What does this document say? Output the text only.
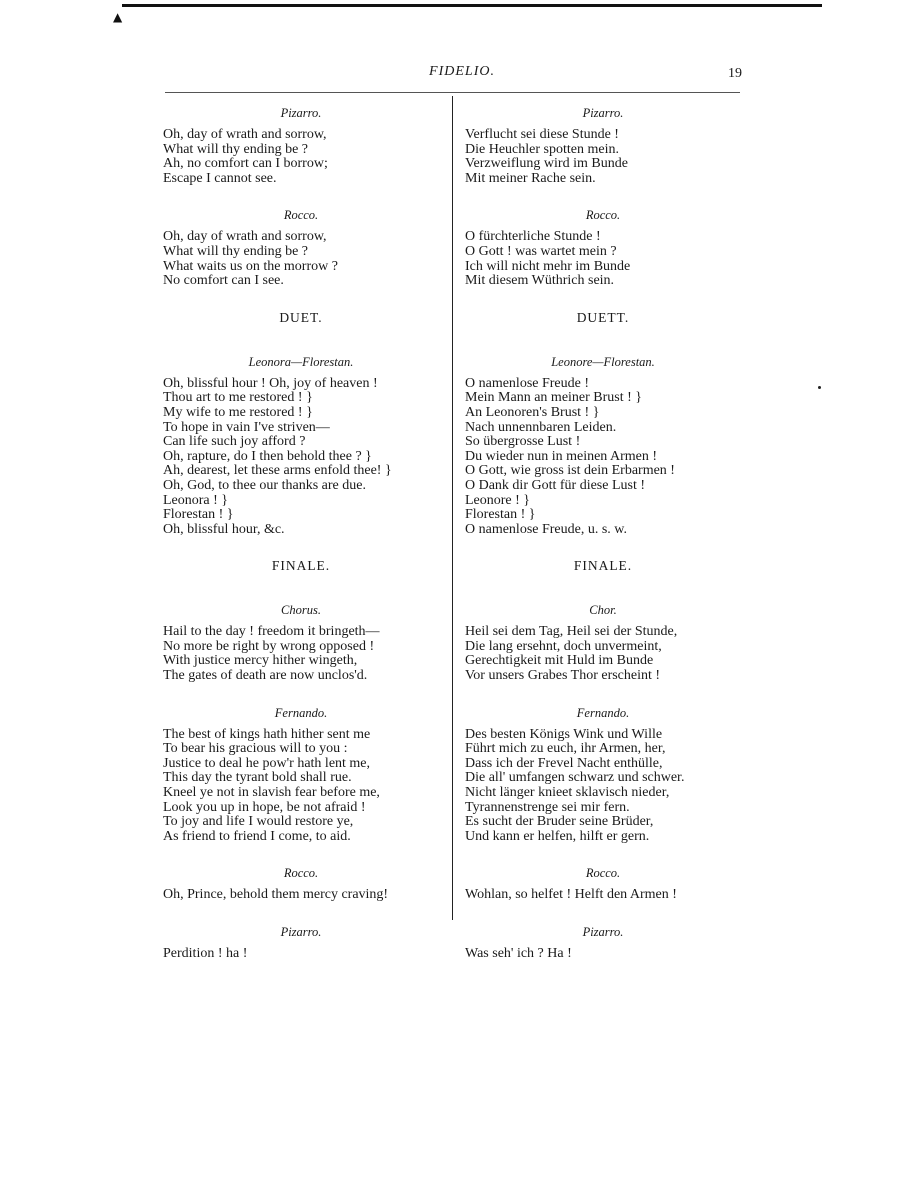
▲
FIDELIO.	19
Pizarro.
Oh, day of wrath and sorrow,
What will thy ending be ?
Ah, no comfort can I borrow;
Escape I cannot see.
Rocco.
Oh, day of wrath and sorrow,
What will thy ending be ?
What waits us on the morrow ?
No comfort can I see.
DUET.
Leonora—Florestan.
Oh, blissful hour ! Oh, joy of heaven !
Thou art to me restored ! }
My wife to me restored ! }
To hope in vain I've striven—
Can life such joy afford ?
Oh, rapture, do I then behold thee ? }
Ah, dearest, let these arms enfold thee! }
Oh, God, to thee our thanks are due.
Leonora ! }
Florestan ! }
Oh, blissful hour, &c.
FINALE.
Chorus.
Hail to the day ! freedom it bringeth—
No more be right by wrong opposed !
With justice mercy hither wingeth,
The gates of death are now unclos'd.
Fernando.
The best of kings hath hither sent me
To bear his gracious will to you :
Justice to deal he pow'r hath lent me,
This day the tyrant bold shall rue.
Kneel ye not in slavish fear before me,
Look you up in hope, be not afraid !
To joy and life I would restore ye,
As friend to friend I come, to aid.
Rocco.
Oh, Prince, behold them mercy craving!
Pizarro.
Perdition ! ha !
Pizarro.
Verflucht sei diese Stunde !
Die Heuchler spotten mein.
Verzweiflung wird im Bunde
Mit meiner Rache sein.
Rocco.
O fürchterliche Stunde !
O Gott ! was wartet mein ?
Ich will nicht mehr im Bunde
Mit diesem Wüthrich sein.
DUETT.
Leonore—Florestan.
O namenlose Freude !
Mein Mann an meiner Brust ! }
An Leonoren's Brust ! }
Nach unnennbaren Leiden.
So übergrosse Lust !
Du wieder nun in meinen Armen !
O Gott, wie gross ist dein Erbarmen !
O Dank dir Gott für diese Lust !
Leonore ! }
Florestan ! }
O namenlose Freude, u. s. w.
FINALE.
Chor.
Heil sei dem Tag, Heil sei der Stunde,
Die lang ersehnt, doch unvermeint,
Gerechtigkeit mit Huld im Bunde
Vor unsers Grabes Thor erscheint !
Fernando.
Des besten Königs Wink und Wille
Führt mich zu euch, ihr Armen, her,
Dass ich der Frevel Nacht enthülle,
Die all' umfangen schwarz und schwer.
Nicht länger knieet sklavisch nieder,
Tyrannenstrenge sei mir fern.
Es sucht der Bruder seine Brüder,
Und kann er helfen, hilft er gern.
Rocco.
Wohlan, so helfet ! Helft den Armen !
Pizarro.
Was seh' ich ? Ha !
